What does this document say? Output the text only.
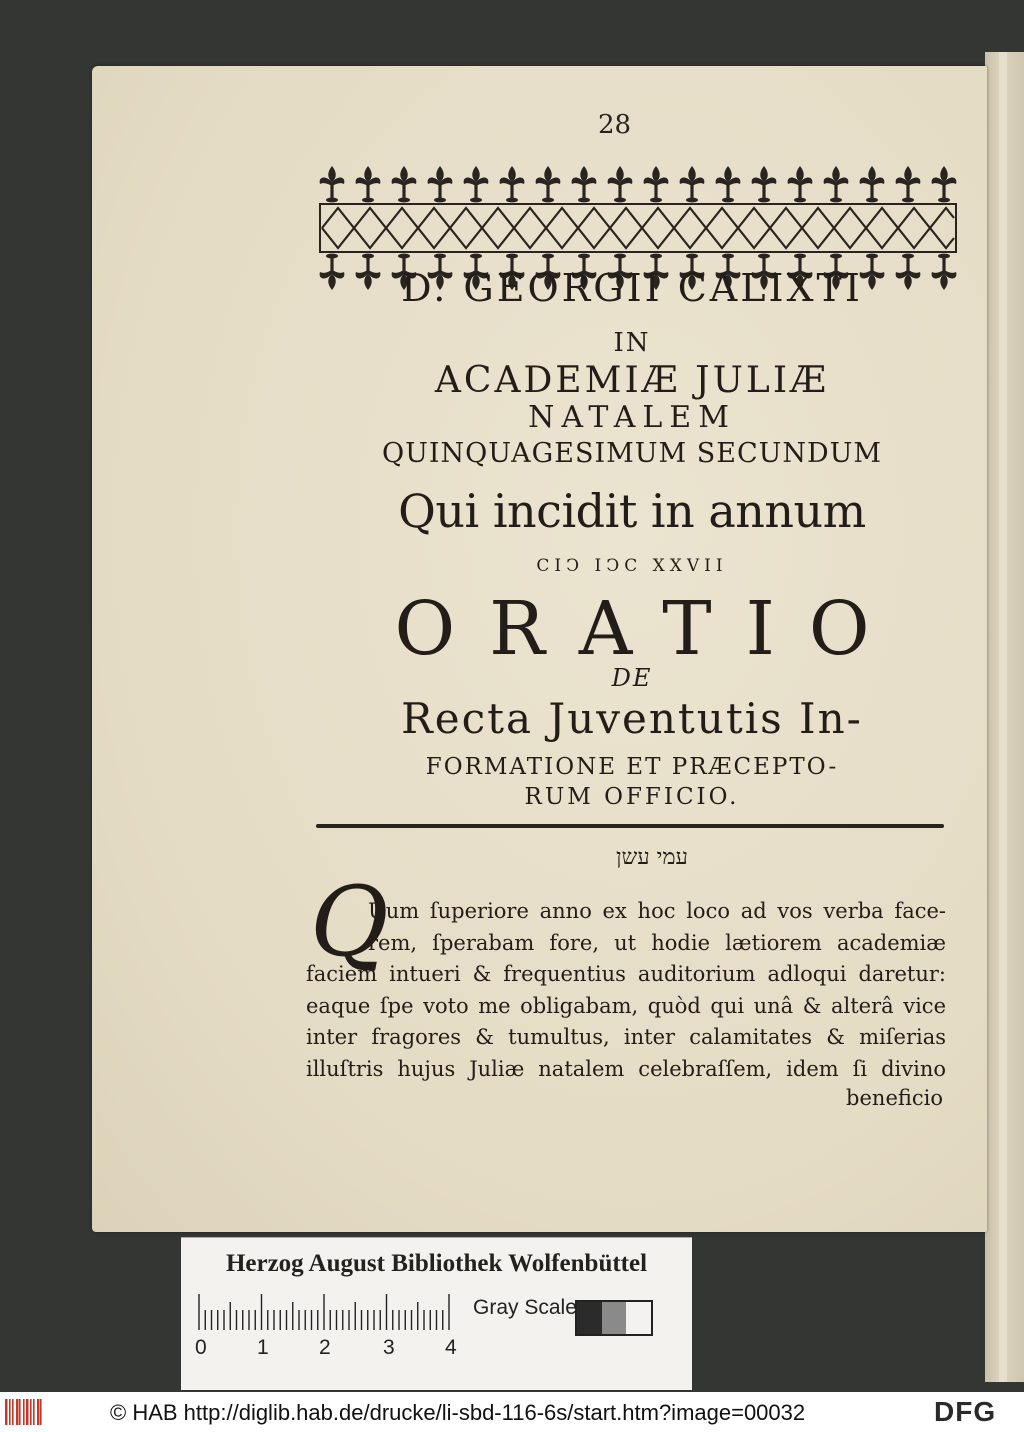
28
D. GEORGII CALIXTI
IN
ACADEMIÆ JULIÆ
NATALEM
QUINQUAGESIMUM SECUNDUM
Qui incidit in annum
CIↃ IↃC XXVII
ORATIO
DE
Recta Juventutis In-
FORMATIONE ET PRÆCEPTO-
RUM OFFICIO.
עמי עשן
Q
Uum ſuperiore anno ex hoc loco ad vos verba face-
rem, ſperabam fore, ut hodie lætiorem academiæ
faciem intueri & frequentius auditorium adloqui daretur:
eaque ſpe voto me obligabam, quòd qui unâ & alterâ vice
inter fragores & tumultus, inter calamitates & miſerias
illuſtris hujus Juliæ natalem celebraſſem, idem ſi divino
beneficio
Herzog August Bibliothek Wolfenbüttel
0 1 2 3 4
Gray Scale
© HAB http://diglib.hab.de/drucke/li-sbd-116-6s/start.htm?image=00032	DFG
